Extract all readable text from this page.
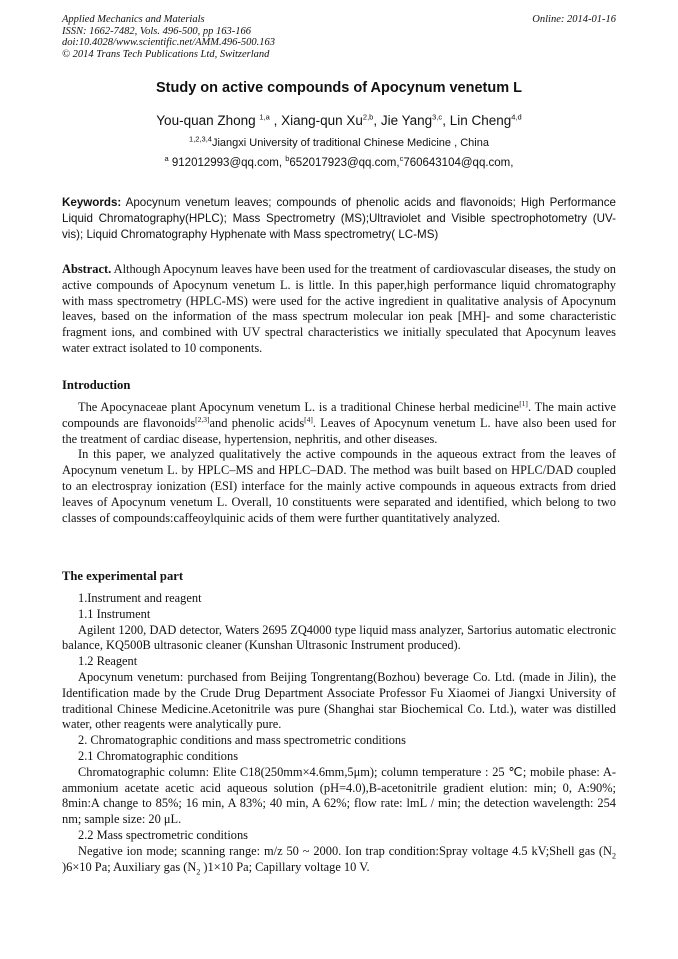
Applied Mechanics and Materials
ISSN: 1662-7482, Vols. 496-500, pp 163-166
doi:10.4028/www.scientific.net/AMM.496-500.163
© 2014 Trans Tech Publications Ltd, Switzerland
Online: 2014-01-16
Study on active compounds of Apocynum venetum L
You-quan Zhong $^{1,a}$ , Xiang-qun Xu$^{2,b}$, Jie Yang$^{3,c}$, Lin Cheng$^{4,d}$
$^{1,2,3,4}$Jiangxi University of traditional Chinese Medicine , China
$^a$ 912012993@qq.com, $^b$652017923@qq.com,$^c$760643104@qq.com,
Keywords: Apocynum venetum leaves; compounds of phenolic acids and flavonoids; High Performance Liquid Chromatography(HPLC); Mass Spectrometry (MS);Ultraviolet and Visible spectrophotometry (UV-vis); Liquid Chromatography Hyphenate with Mass spectrometry( LC-MS)

Abstract. Although Apocynum leaves have been used for the treatment of cardiovascular diseases, the study on active compounds of Apocynum venetum L. is little. In this paper,high performance liquid chromatography with mass spectrometry (HPLC-MS) were used for the active ingredient in qualitative analysis of Apocynum leaves, based on the information of the mass spectrum molecular ion peak [MH]- and some characteristic fragment ions, and combined with UV spectral characteristics we initially speculated that Apocynum leaves water extract isolated to 10 components.

Introduction

The Apocynaceae plant Apocynum venetum L. is a traditional Chinese herbal medicine[1]. The main active compounds are flavonoids[2,3]and phenolic acids[4]. Leaves of Apocynum venetum L. have also been used for the treatment of cardiac disease, hypertension, nephritis, and other diseases.

In this paper, we analyzed qualitatively the active compounds in the aqueous extract from the leaves of Apocynum venetum L. by HPLC–MS and HPLC–DAD. The method was built based on HPLC/DAD coupled to an electrospray ionization (ESI) interface for the mainly active compounds in aqueous extracts from dried leaves of Apocynum venetum L. Overall, 10 constituents were separated and identified, which belong to two classes of compounds:caffeoylquinic acids of them were further quantitatively analyzed.

The experimental part

1.Instrument and reagent

1.1 Instrument

Agilent 1200, DAD detector, Waters 2695 ZQ4000 type liquid mass analyzer, Sartorius automatic electronic balance, KQ500B ultrasonic cleaner (Kunshan Ultrasonic Instrument produced).

1.2 Reagent

Apocynum venetum: purchased from Beijing Tongrentang(Bozhou) beverage Co. Ltd. (made in Jilin), the Identification made by the Crude Drug Department Associate Professor Fu Xiaomei of Jiangxi University of traditional Chinese Medicine.Acetonitrile was pure (Shanghai star Biochemical Co. Ltd.), water was distilled water, other reagents were analytically pure.

2. Chromatographic conditions and mass spectrometric conditions

2.1 Chromatographic conditions

Chromatographic column: Elite C18(250mm×4.6mm,5μm); column temperature : 25 ℃; mobile phase: A-ammonium acetate acetic acid aqueous solution (pH=4.0),B-acetonitrile gradient elution: min; 0, A:90%; 8min:A change to 85%; 16 min, A 83%; 40 min, A 62%; flow rate: lmL / min; the detection wavelength: 254 nm; sample size: 20 μL.

2.2 Mass spectrometric conditions

Negative ion mode; scanning range: m/z 50 ~ 2000. Ion trap condition:Spray voltage 4.5 kV;Shell gas ($N_2$ )6×10 Pa; Auxiliary gas ($N_2$ )1×10 Pa; Capillary voltage 10 V.
